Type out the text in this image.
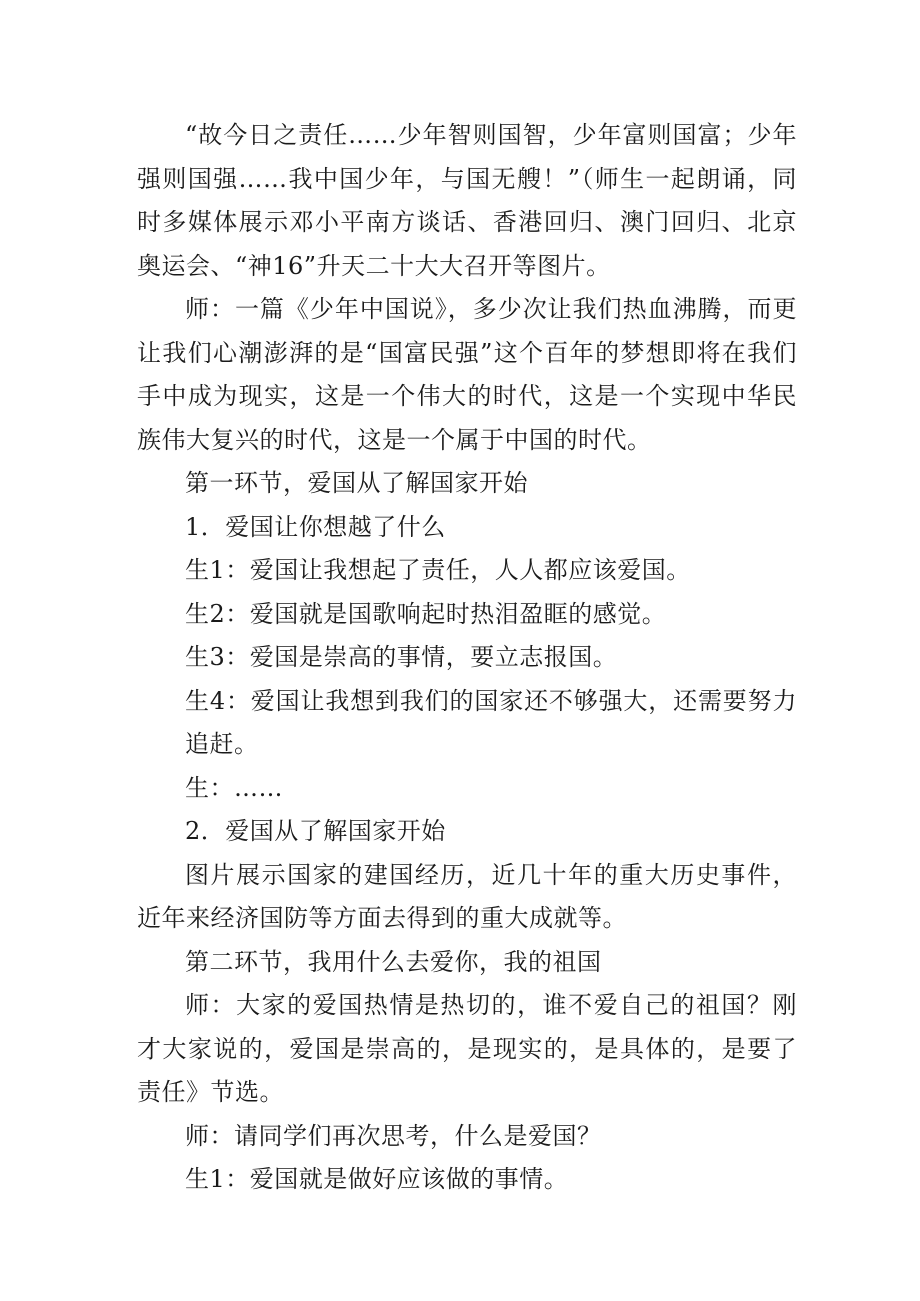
“故今日之责任……少年智则国智，少年富则国富；少年强则国强……我中国少年，与国无艘！”（师生一起朗诵，同时多媒体展示邓小平南方谈话、香港回归、澳门回归、北京奥运会、“神16”升天二十大大召开等图片。

师：一篇《少年中国说》，多少次让我们热血沸腾，而更让我们心潮澎湃的是“国富民强”这个百年的梦想即将在我们手中成为现实，这是一个伟大的时代，这是一个实现中华民族伟大复兴的时代，这是一个属于中国的时代。

第一环节，爱国从了解国家开始

1．爱国让你想越了什么

生1：爱国让我想起了责任，人人都应该爱国。

生2：爱国就是国歌响起时热泪盈眶的感觉。

生3：爱国是崇高的事情，要立志报国。

生4：爱国让我想到我们的国家还不够强大，还需要努力追赶。

生：……

2．爱国从了解国家开始

图片展示国家的建国经历，近几十年的重大历史事件，近年来经济国防等方面去得到的重大成就等。

第二环节，我用什么去爱你，我的祖国

师：大家的爱国热情是热切的，谁不爱自己的祖国？刚才大家说的，爱国是崇高的，是现实的，是具体的，是要了责任》节选。

师：请同学们再次思考，什么是爱国？

生1：爱国就是做好应该做的事情。
